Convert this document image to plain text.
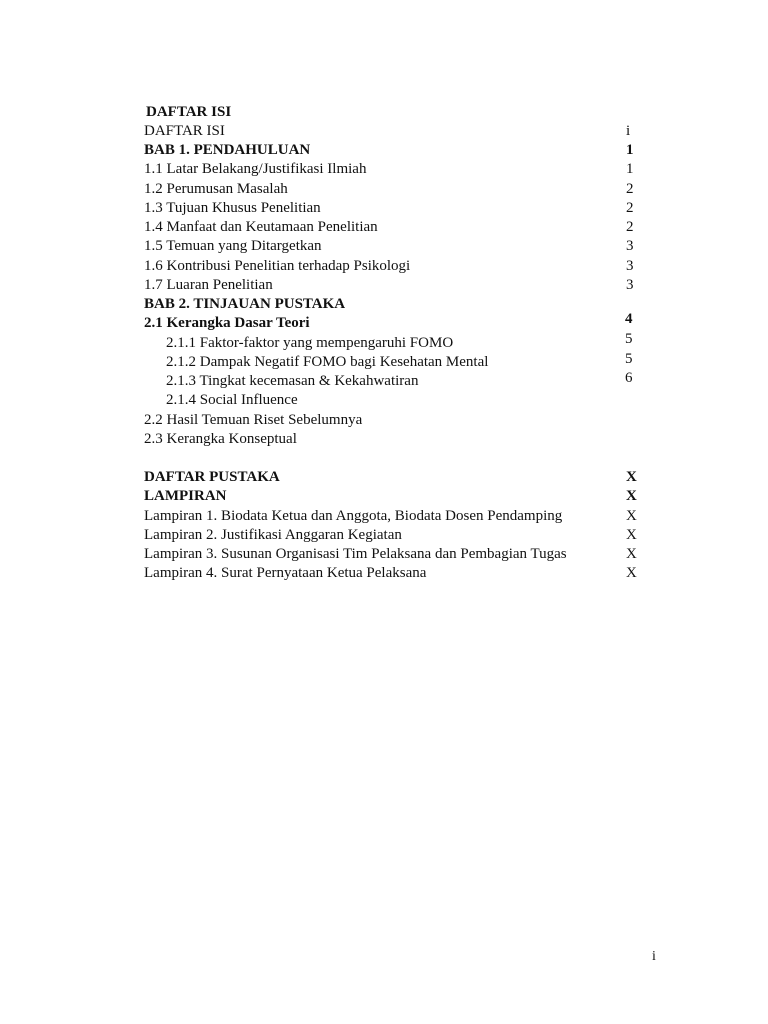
DAFTAR ISI
DAFTAR ISI	i
BAB 1. PENDAHULUAN	1
1.1 Latar Belakang/Justifikasi Ilmiah	1
1.2 Perumusan Masalah	2
1.3 Tujuan Khusus Penelitian	2
1.4 Manfaat dan Keutamaan Penelitian	2
1.5 Temuan yang Ditargetkan	3
1.6 Kontribusi Penelitian terhadap Psikologi	3
1.7 Luaran Penelitian	3
BAB 2. TINJAUAN PUSTAKA
2.1 Kerangka Dasar Teori	4
2.1.1 Faktor-faktor yang mempengaruhi FOMO	5
2.1.2 Dampak Negatif FOMO bagi Kesehatan Mental	5
2.1.3 Tingkat kecemasan & Kekahwatiran	6
2.1.4 Social Influence
2.2 Hasil Temuan Riset Sebelumnya
2.3 Kerangka Konseptual
DAFTAR PUSTAKA	X
LAMPIRAN	X
Lampiran 1. Biodata Ketua dan Anggota, Biodata Dosen Pendamping	X
Lampiran 2. Justifikasi Anggaran Kegiatan	X
Lampiran 3. Susunan Organisasi Tim Pelaksana dan Pembagian Tugas	X
Lampiran 4. Surat Pernyataan Ketua Pelaksana	X
i
